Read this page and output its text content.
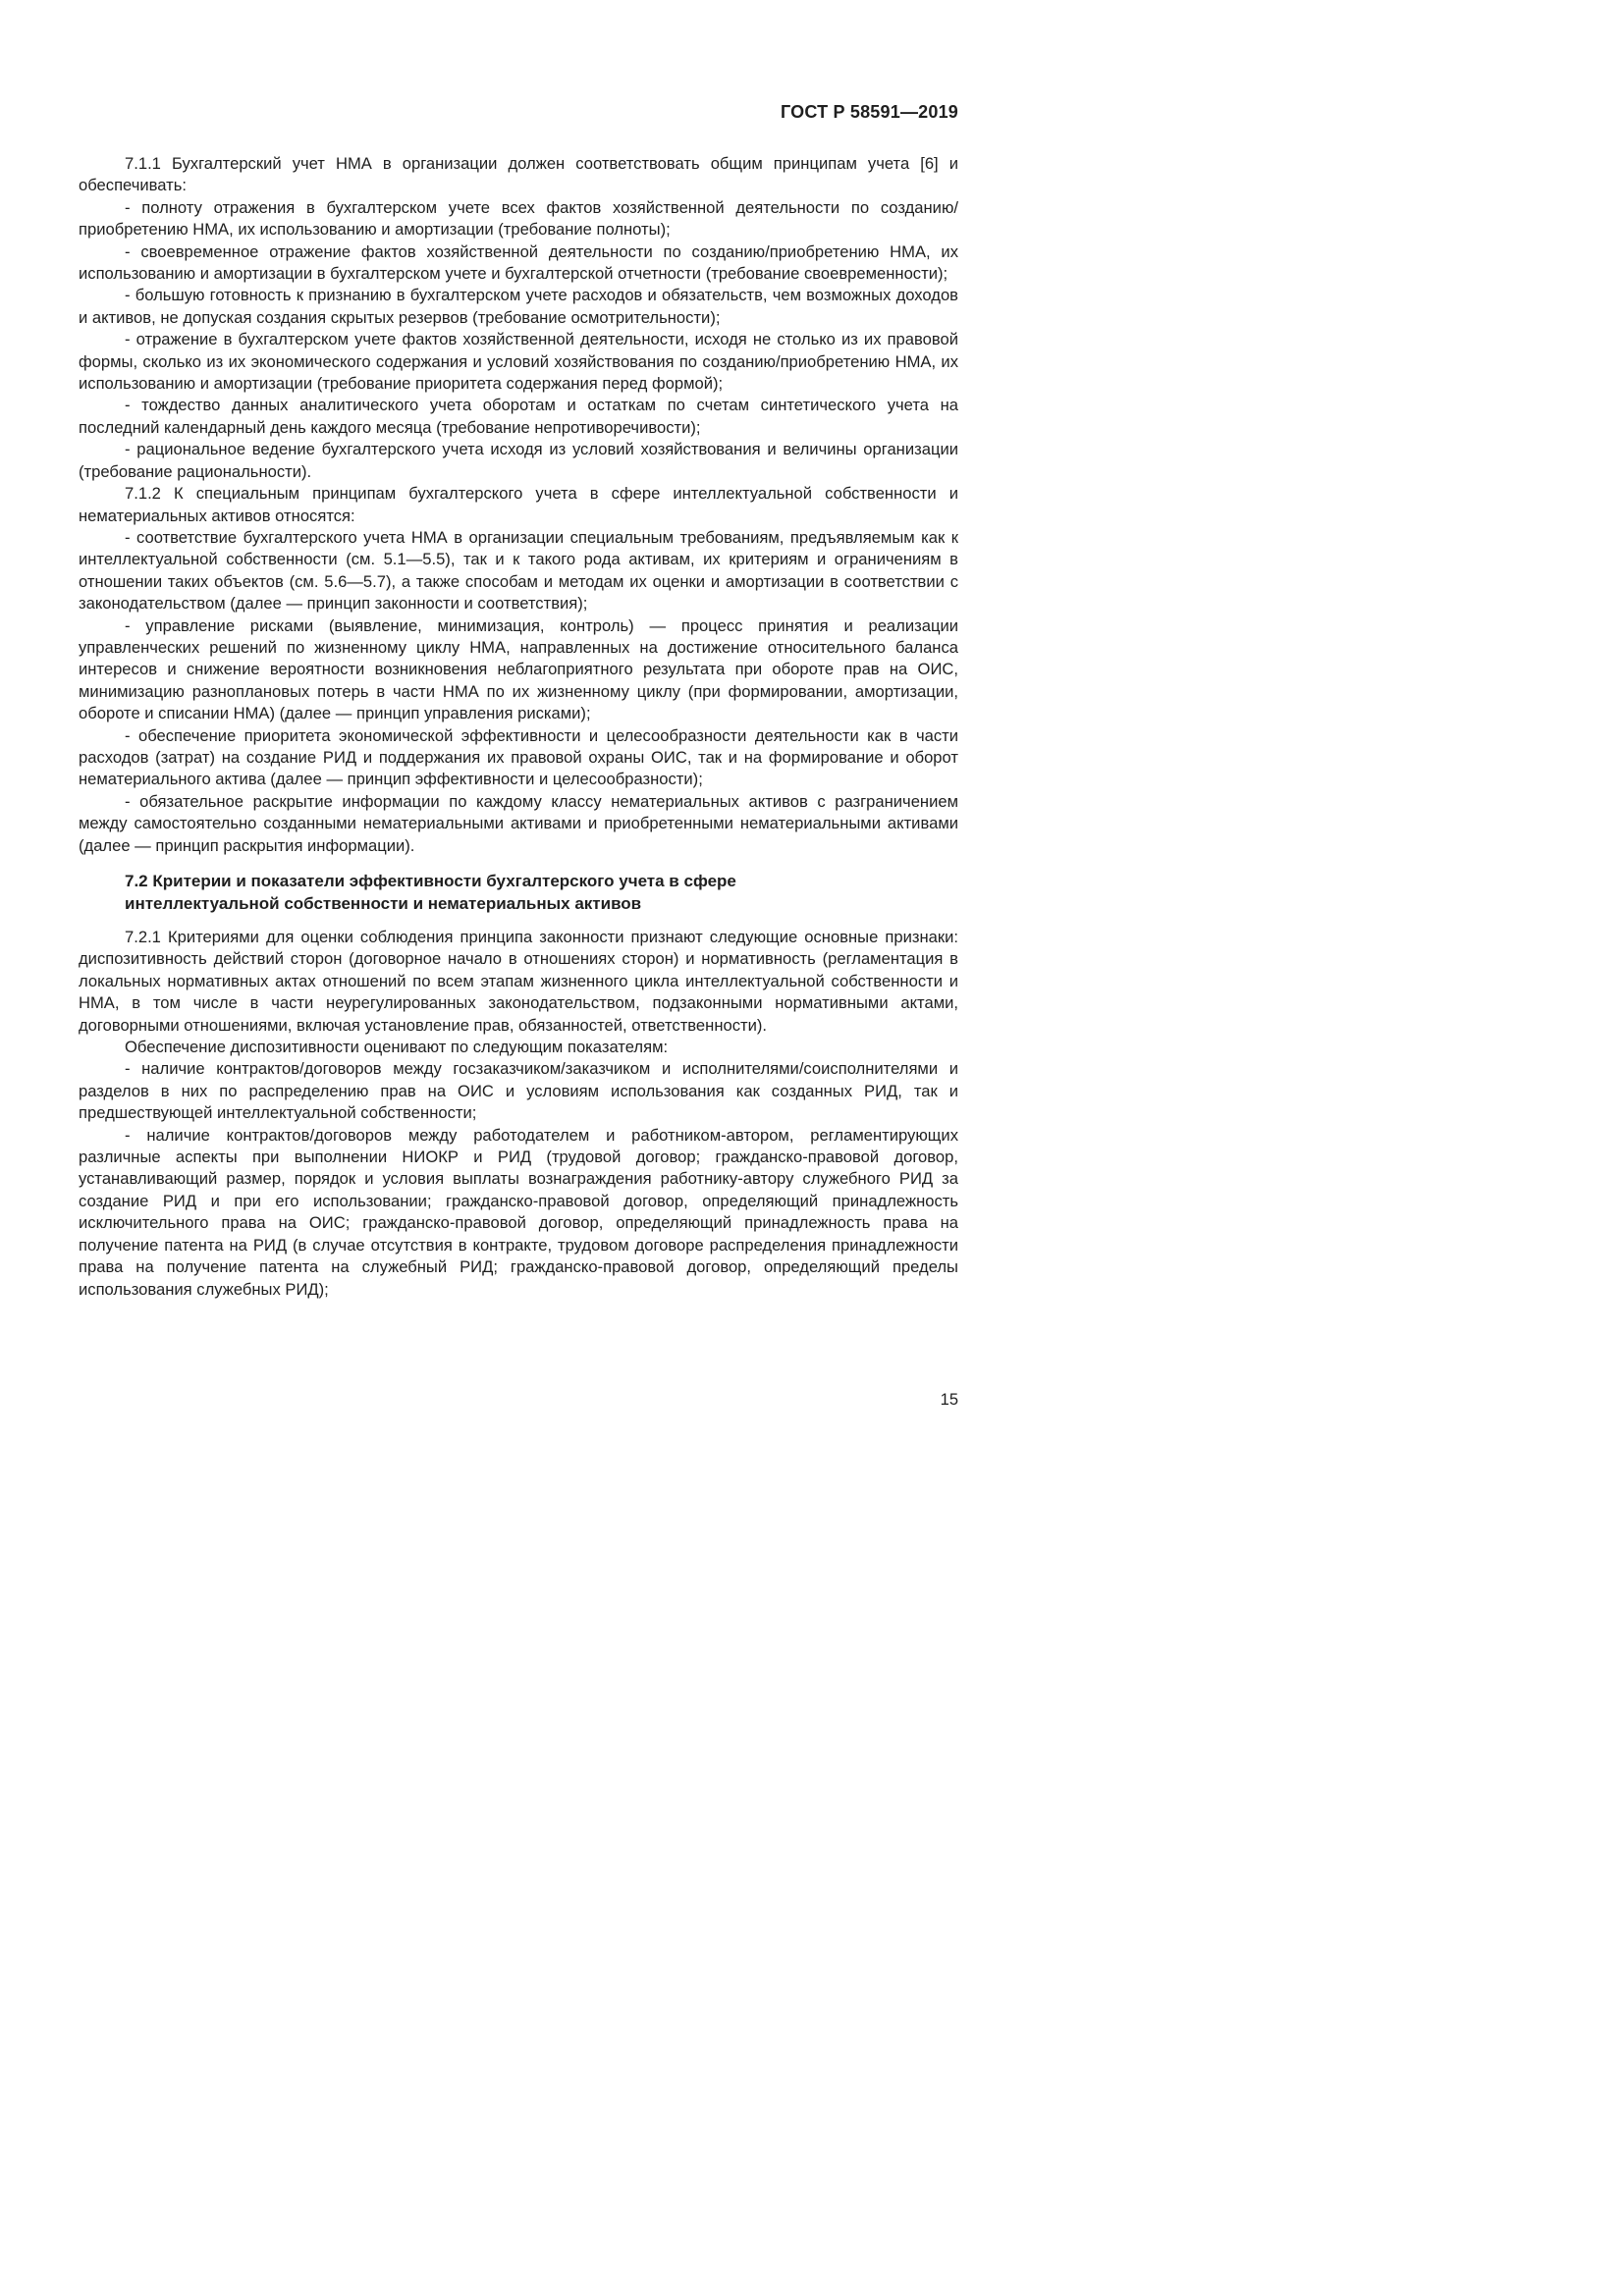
ГОСТ Р 58591—2019

7.1.1 Бухгалтерский учет НМА в организации должен соответствовать общим принципам учета [6] и обеспечивать:

- полноту отражения в бухгалтерском учете всех фактов хозяйственной деятельности по созданию/приобретению НМА, их использованию и амортизации (требование полноты);

- своевременное отражение фактов хозяйственной деятельности по созданию/приобретению НМА, их использованию и амортизации в бухгалтерском учете и бухгалтерской отчетности (требование своевременности);

- большую готовность к признанию в бухгалтерском учете расходов и обязательств, чем возможных доходов и активов, не допуская создания скрытых резервов (требование осмотрительности);

- отражение в бухгалтерском учете фактов хозяйственной деятельности, исходя не столько из их правовой формы, сколько из их экономического содержания и условий хозяйствования по созданию/приобретению НМА, их использованию и амортизации (требование приоритета содержания перед формой);

- тождество данных аналитического учета оборотам и остаткам по счетам синтетического учета на последний календарный день каждого месяца (требование непротиворечивости);

- рациональное ведение бухгалтерского учета исходя из условий хозяйствования и величины организации (требование рациональности).

7.1.2 К специальным принципам бухгалтерского учета в сфере интеллектуальной собственности и нематериальных активов относятся:

- соответствие бухгалтерского учета НМА в организации специальным требованиям, предъявляемым как к интеллектуальной собственности (см. 5.1—5.5), так и к такого рода активам, их критериям и ограничениям в отношении таких объектов (см. 5.6—5.7), а также способам и методам их оценки и амортизации в соответствии с законодательством (далее — принцип законности и соответствия);

- управление рисками (выявление, минимизация, контроль) — процесс принятия и реализации управленческих решений по жизненному циклу НМА, направленных на достижение относительного баланса интересов и снижение вероятности возникновения неблагоприятного результата при обороте прав на ОИС, минимизацию разноплановых потерь в части НМА по их жизненному циклу (при формировании, амортизации, обороте и списании НМА) (далее — принцип управления рисками);

- обеспечение приоритета экономической эффективности и целесообразности деятельности как в части расходов (затрат) на создание РИД и поддержания их правовой охраны ОИС, так и на формирование и оборот нематериального актива (далее — принцип эффективности и целесообразности);

- обязательное раскрытие информации по каждому классу нематериальных активов с разграничением между самостоятельно созданными нематериальными активами и приобретенными нематериальными активами (далее — принцип раскрытия информации).

7.2 Критерии и показатели эффективности бухгалтерского учета в сфере интеллектуальной собственности и нематериальных активов

7.2.1 Критериями для оценки соблюдения принципа законности признают следующие основные признаки: диспозитивность действий сторон (договорное начало в отношениях сторон) и нормативность (регламентация в локальных нормативных актах отношений по всем этапам жизненного цикла интеллектуальной собственности и НМА, в том числе в части неурегулированных законодательством, подзаконными нормативными актами, договорными отношениями, включая установление прав, обязанностей, ответственности).

Обеспечение диспозитивности оценивают по следующим показателям:

- наличие контрактов/договоров между госзаказчиком/заказчиком и исполнителями/соисполнителями и разделов в них по распределению прав на ОИС и условиям использования как созданных РИД, так и предшествующей интеллектуальной собственности;

- наличие контрактов/договоров между работодателем и работником-автором, регламентирующих различные аспекты при выполнении НИОКР и РИД (трудовой договор; гражданско-правовой договор, устанавливающий размер, порядок и условия выплаты вознаграждения работнику-автору служебного РИД за создание РИД и при его использовании; гражданско-правовой договор, определяющий принадлежность исключительного права на ОИС; гражданско-правовой договор, определяющий принадлежность права на получение патента на РИД (в случае отсутствия в контракте, трудовом договоре распределения принадлежности права на получение патента на служебный РИД; гражданско-правовой договор, определяющий пределы использования служебных РИД);

15
